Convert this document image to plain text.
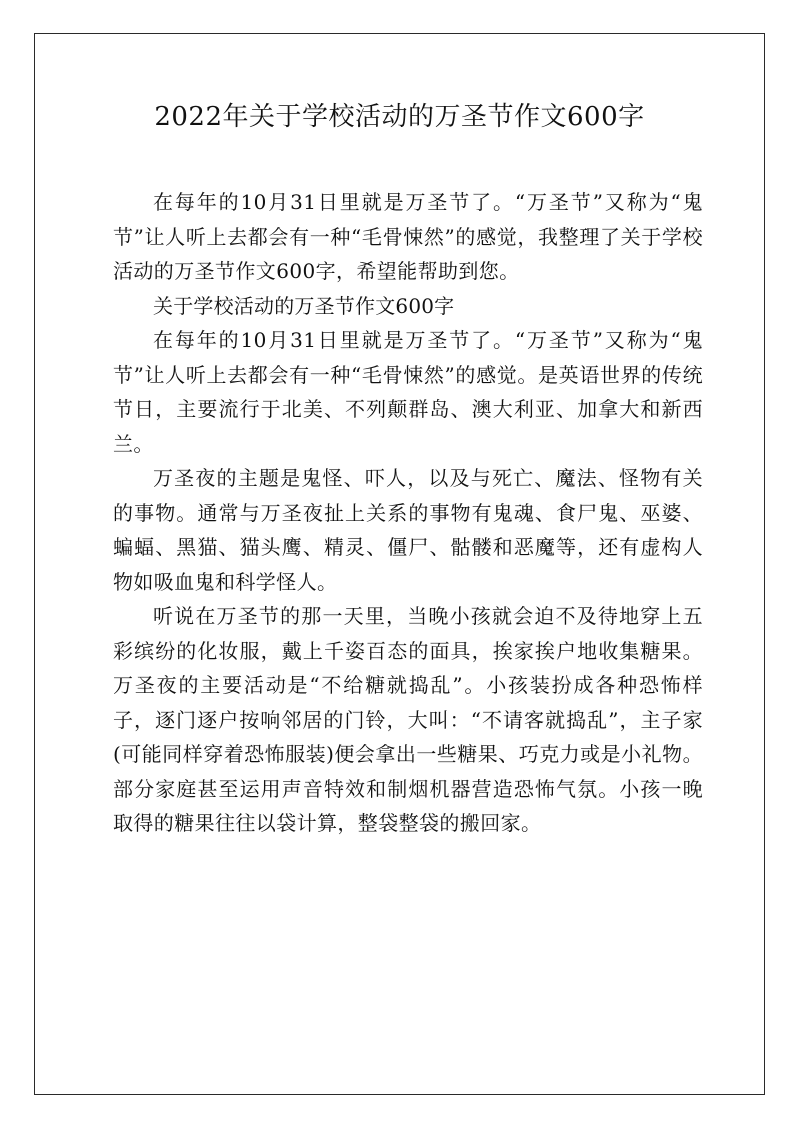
2022年关于学校活动的万圣节作文600字

在每年的10月31日里就是万圣节了。“万圣节”又称为“鬼节”让人听上去都会有一种“毛骨悚然”的感觉，我整理了关于学校活动的万圣节作文600字，希望能帮助到您。

关于学校活动的万圣节作文600字

在每年的10月31日里就是万圣节了。“万圣节”又称为“鬼节”让人听上去都会有一种“毛骨悚然”的感觉。是英语世界的传统节日，主要流行于北美、不列颠群岛、澳大利亚、加拿大和新西兰。

万圣夜的主题是鬼怪、吓人，以及与死亡、魔法、怪物有关的事物。通常与万圣夜扯上关系的事物有鬼魂、食尸鬼、巫婆、蝙蝠、黑猫、猫头鹰、精灵、僵尸、骷髅和恶魔等，还有虚构人物如吸血鬼和科学怪人。

听说在万圣节的那一天里，当晚小孩就会迫不及待地穿上五彩缤纷的化妆服，戴上千姿百态的面具，挨家挨户地收集糖果。万圣夜的主要活动是“不给糖就捣乱”。小孩装扮成各种恐怖样子，逐门逐户按响邻居的门铃，大叫：“不请客就捣乱”，主子家(可能同样穿着恐怖服装)便会拿出一些糖果、巧克力或是小礼物。部分家庭甚至运用声音特效和制烟机器营造恐怖气氛。小孩一晚取得的糖果往往以袋计算，整袋整袋的搬回家。
